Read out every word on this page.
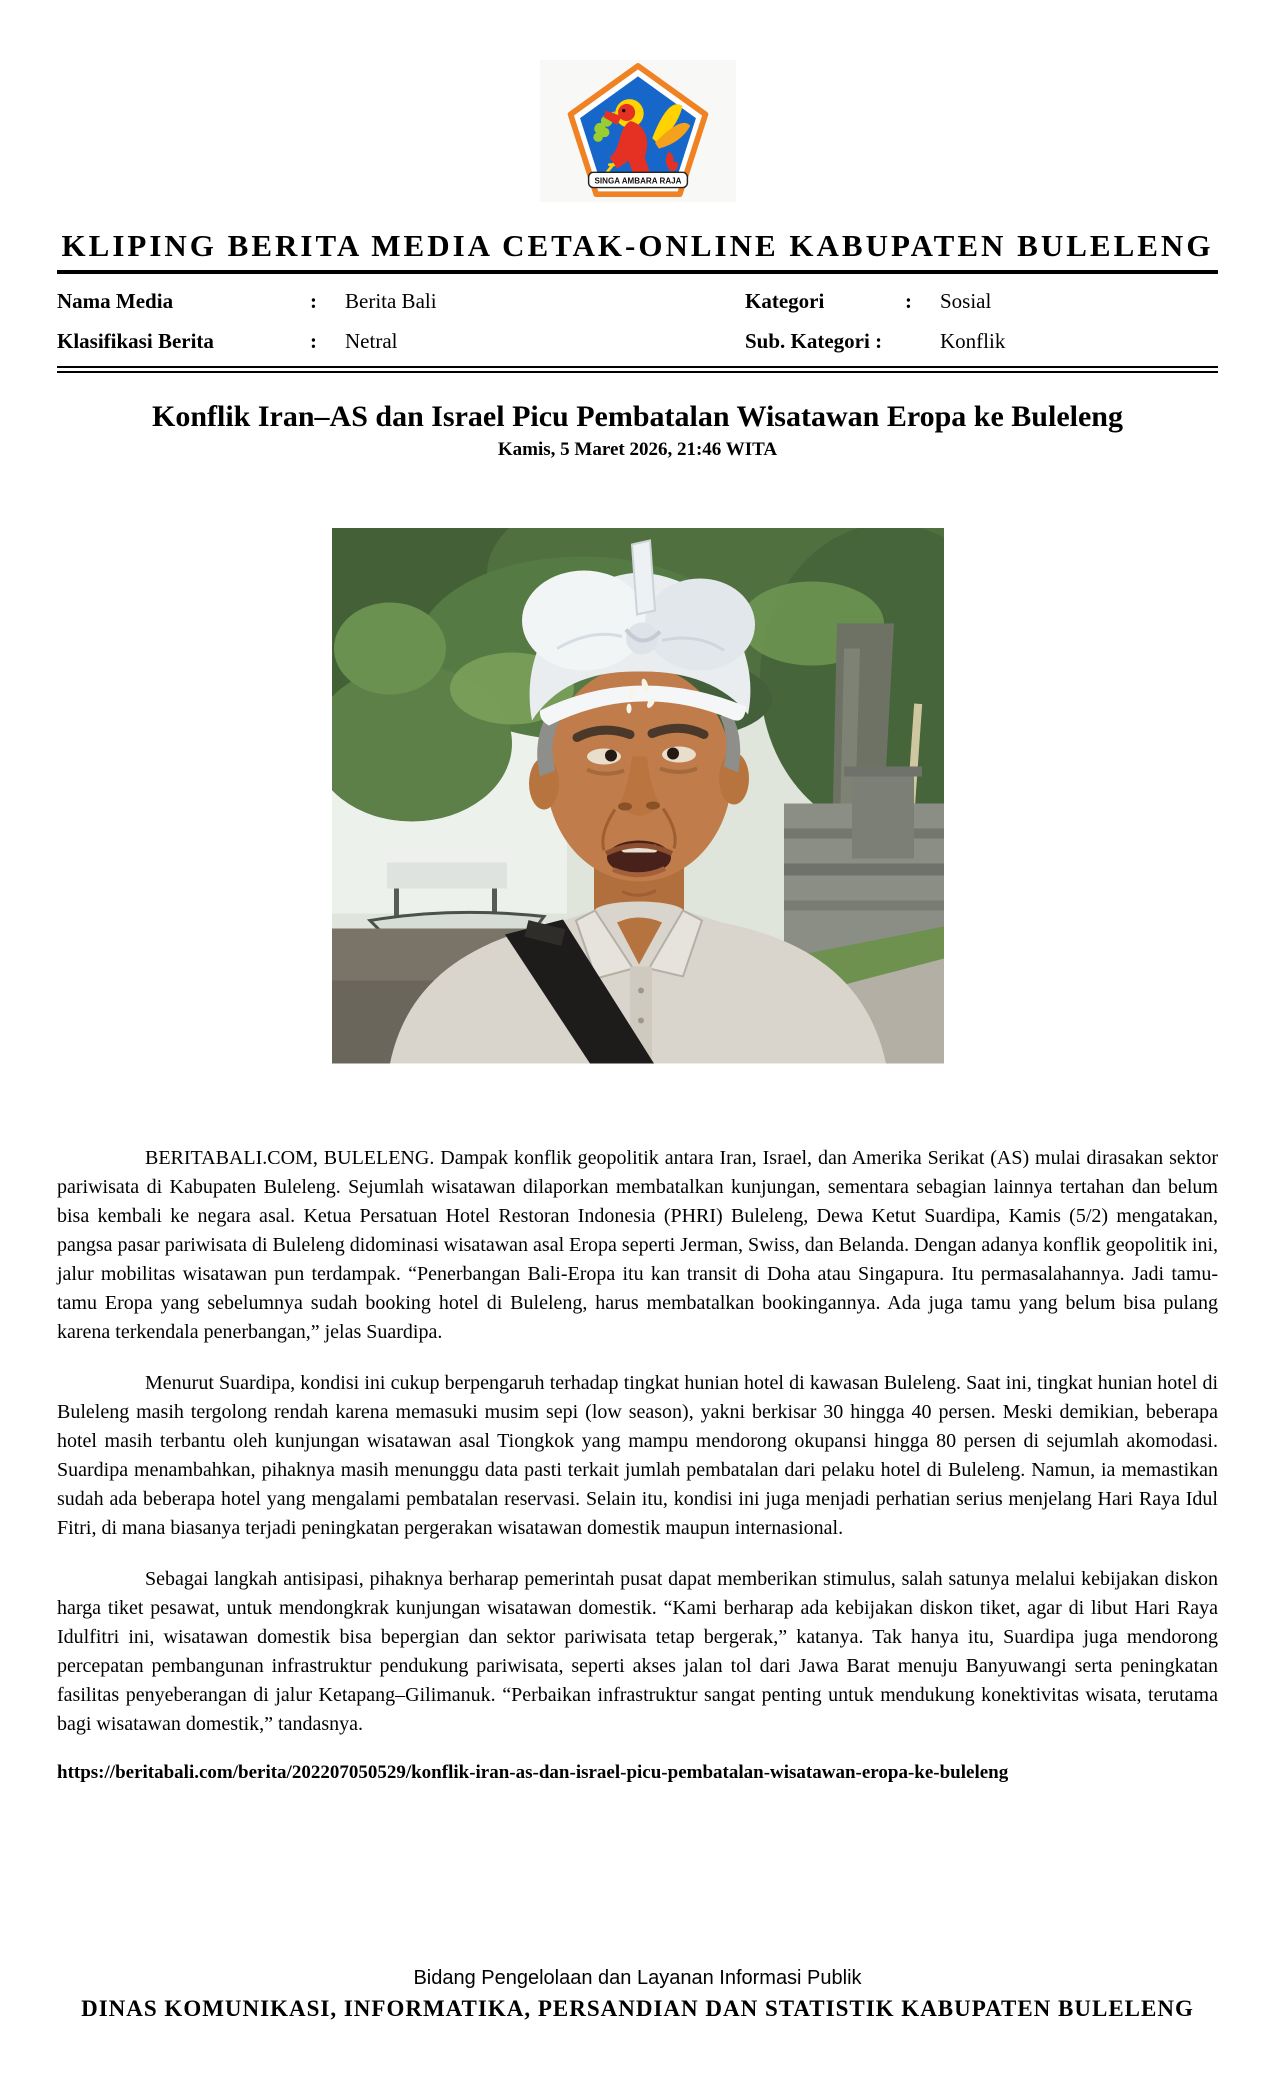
SINGA AMBARA RAJA
KLIPING BERITA MEDIA CETAK-ONLINE KABUPATEN BULELENG
Nama Media	:	Berita Bali	Kategori	:	Sosial
Klasifikasi Berita	:	Netral	Sub. Kategori :	Konflik
Konflik Iran–AS dan Israel Picu Pembatalan Wisatawan Eropa ke Buleleng
Kamis, 5 Maret 2026, 21:46 WITA

BERITABALI.COM, BULELENG. Dampak konflik geopolitik antara Iran, Israel, dan Amerika Serikat (AS) mulai dirasakan sektor pariwisata di Kabupaten Buleleng. Sejumlah wisatawan dilaporkan membatalkan kunjungan, sementara sebagian lainnya tertahan dan belum bisa kembali ke negara asal. Ketua Persatuan Hotel Restoran Indonesia (PHRI) Buleleng, Dewa Ketut Suardipa, Kamis (5/2) mengatakan, pangsa pasar pariwisata di Buleleng didominasi wisatawan asal Eropa seperti Jerman, Swiss, dan Belanda. Dengan adanya konflik geopolitik ini, jalur mobilitas wisatawan pun terdampak. “Penerbangan Bali-Eropa itu kan transit di Doha atau Singapura. Itu permasalahannya. Jadi tamu-tamu Eropa yang sebelumnya sudah booking hotel di Buleleng, harus membatalkan bookingannya. Ada juga tamu yang belum bisa pulang karena terkendala penerbangan,” jelas Suardipa.

Menurut Suardipa, kondisi ini cukup berpengaruh terhadap tingkat hunian hotel di kawasan Buleleng. Saat ini, tingkat hunian hotel di Buleleng masih tergolong rendah karena memasuki musim sepi (low season), yakni berkisar 30 hingga 40 persen. Meski demikian, beberapa hotel masih terbantu oleh kunjungan wisatawan asal Tiongkok yang mampu mendorong okupansi hingga 80 persen di sejumlah akomodasi. Suardipa menambahkan, pihaknya masih menunggu data pasti terkait jumlah pembatalan dari pelaku hotel di Buleleng. Namun, ia memastikan sudah ada beberapa hotel yang mengalami pembatalan reservasi. Selain itu, kondisi ini juga menjadi perhatian serius menjelang Hari Raya Idul Fitri, di mana biasanya terjadi peningkatan pergerakan wisatawan domestik maupun internasional.

Sebagai langkah antisipasi, pihaknya berharap pemerintah pusat dapat memberikan stimulus, salah satunya melalui kebijakan diskon harga tiket pesawat, untuk mendongkrak kunjungan wisatawan domestik. “Kami berharap ada kebijakan diskon tiket, agar di libut Hari Raya Idulfitri ini, wisatawan domestik bisa bepergian dan sektor pariwisata tetap bergerak,” katanya. Tak hanya itu, Suardipa juga mendorong percepatan pembangunan infrastruktur pendukung pariwisata, seperti akses jalan tol dari Jawa Barat menuju Banyuwangi serta peningkatan fasilitas penyeberangan di jalur Ketapang–Gilimanuk. “Perbaikan infrastruktur sangat penting untuk mendukung konektivitas wisata, terutama bagi wisatawan domestik,” tandasnya.

https://beritabali.com/berita/202207050529/konflik-iran-as-dan-israel-picu-pembatalan-wisatawan-eropa-ke-buleleng
Bidang Pengelolaan dan Layanan Informasi Publik
DINAS KOMUNIKASI, INFORMATIKA, PERSANDIAN DAN STATISTIK KABUPATEN BULELENG
